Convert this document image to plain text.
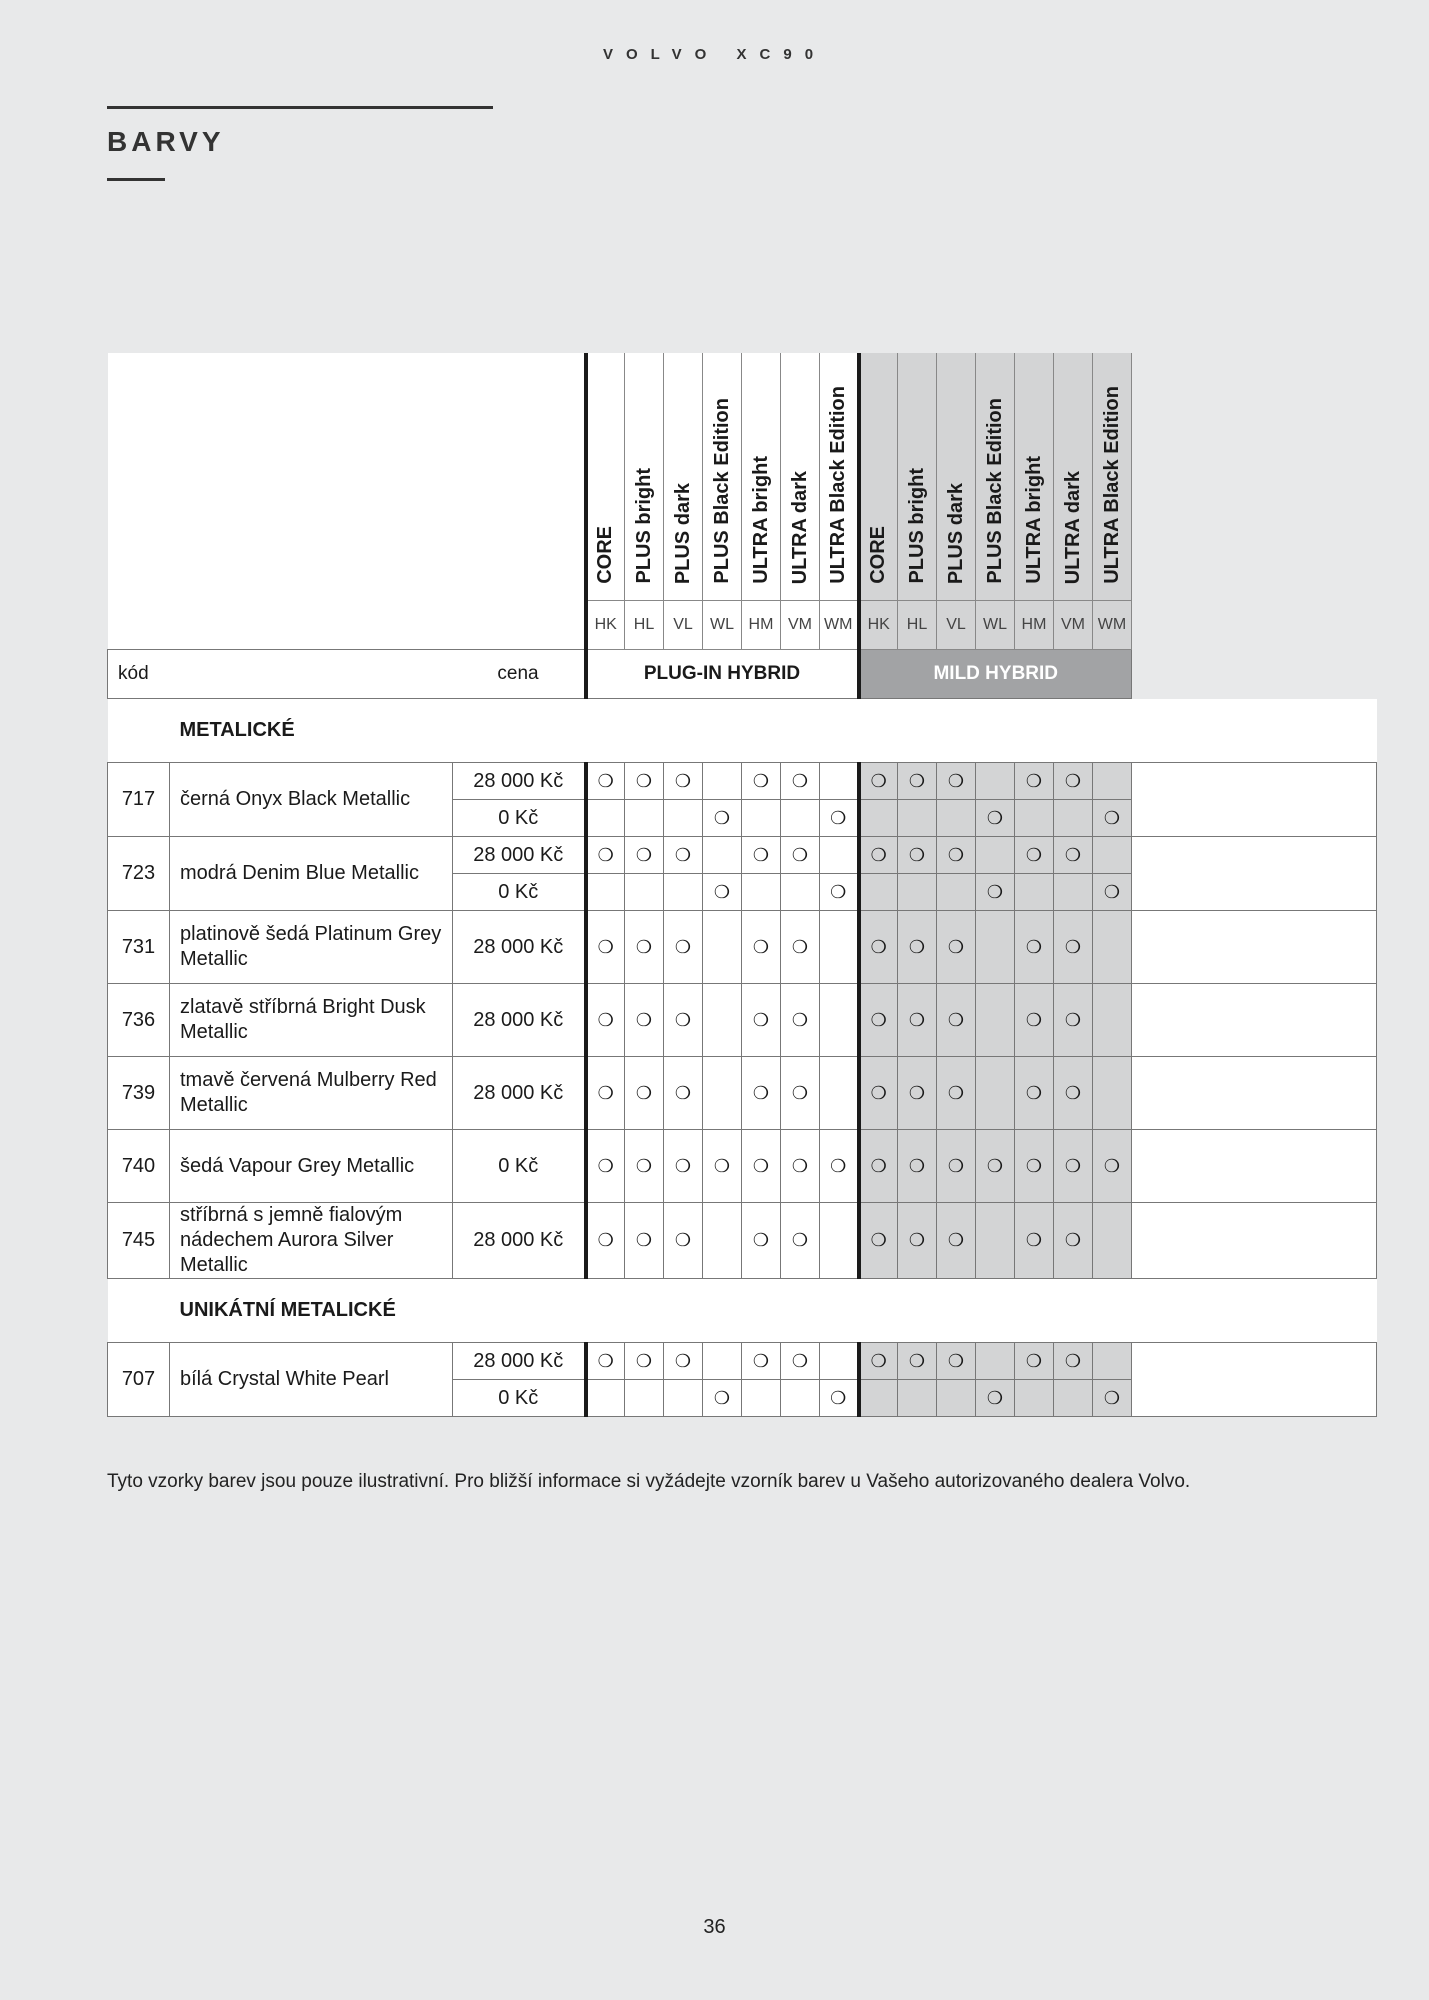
VOLVO XC90
BARVY
			CORE	PLUS bright	PLUS dark	PLUS Black Edition	ULTRA bright	ULTRA dark	ULTRA Black Edition	CORE	PLUS bright	PLUS dark	PLUS Black Edition	ULTRA bright	ULTRA dark	ULTRA Black Edition	
			HK	HL	VL	WL	HM	VM	WM	HK	HL	VL	WL	HM	VM	WM	
kód		cena	PLUG-IN HYBRID							MILD HYBRID							
	METALICKÉ																
717	černá Onyx Black Metallic	28 000 Kč	❍	❍	❍		❍	❍		❍	❍	❍		❍	❍		

		0 Kč				❍			❍				❍			❍	
723	modrá Denim Blue Metallic	28 000 Kč	❍	❍	❍		❍	❍		❍	❍	❍		❍	❍		

		0 Kč				❍			❍				❍			❍	
731	platinově šedá Platinum Grey Metallic	28 000 Kč	❍	❍	❍		❍	❍		❍	❍	❍		❍	❍		

736	zlatavě stříbrná Bright Dusk Metallic	28 000 Kč	❍	❍	❍		❍	❍		❍	❍	❍		❍	❍		

739	tmavě červená Mulberry Red Metallic	28 000 Kč	❍	❍	❍		❍	❍		❍	❍	❍		❍	❍		

740	šedá Vapour Grey Metallic	0 Kč	❍	❍	❍	❍	❍	❍	❍	❍	❍	❍	❍	❍	❍	❍	

745	stříbrná s jemně fialovým nádechem Aurora Silver Metallic	28 000 Kč	❍	❍	❍		❍	❍		❍	❍	❍		❍	❍		

	UNIKÁTNÍ METALICKÉ																
707	bílá Crystal White Pearl	28 000 Kč	❍	❍	❍		❍	❍		❍	❍	❍		❍	❍		

		0 Kč				❍			❍				❍			❍	
Tyto vzorky barev jsou pouze ilustrativní. Pro bližší informace si vyžádejte vzorník barev u Vašeho autorizovaného dealera Volvo.
36
